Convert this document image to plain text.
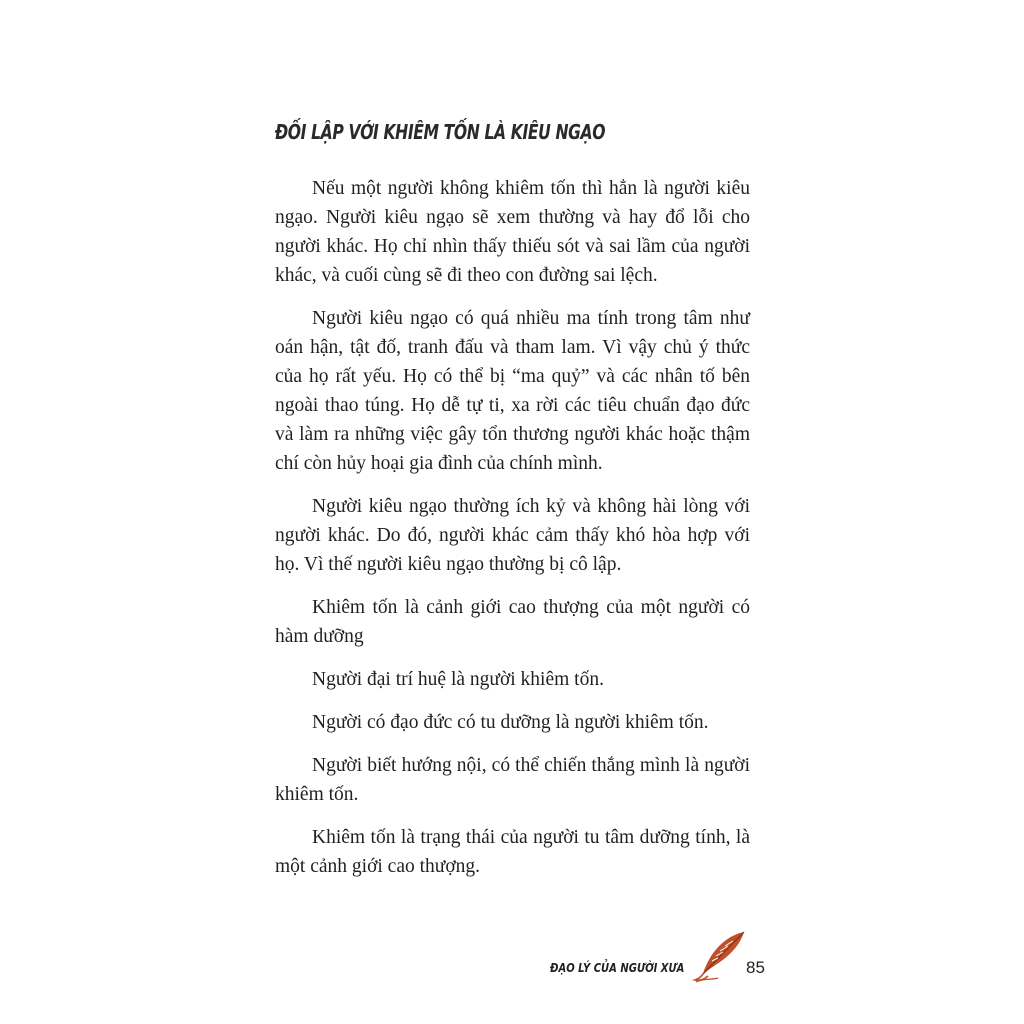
ĐỐI LẬP VỚI KHIÊM TỐN LÀ KIÊU NGẠO

Nếu một người không khiêm tốn thì hẳn là người kiêu ngạo. Người kiêu ngạo sẽ xem thường và hay đổ lỗi cho người khác. Họ chỉ nhìn thấy thiếu sót và sai lầm của người khác, và cuối cùng sẽ đi theo con đường sai lệch.

Người kiêu ngạo có quá nhiều ma tính trong tâm như oán hận, tật đố, tranh đấu và tham lam. Vì vậy chủ ý thức của họ rất yếu. Họ có thể bị “ma quỷ” và các nhân tố bên ngoài thao túng. Họ dễ tự ti, xa rời các tiêu chuẩn đạo đức và làm ra những việc gây tổn thương người khác hoặc thậm chí còn hủy hoại gia đình của chính mình.

Người kiêu ngạo thường ích kỷ và không hài lòng với người khác. Do đó, người khác cảm thấy khó hòa hợp với họ. Vì thế người kiêu ngạo thường bị cô lập.

Khiêm tốn là cảnh giới cao thượng của một người có hàm dưỡng

Người đại trí huệ là người khiêm tốn.

Người có đạo đức có tu dưỡng là người khiêm tốn.

Người biết hướng nội, có thể chiến thắng mình là người khiêm tốn.

Khiêm tốn là trạng thái của người tu tâm dưỡng tính, là một cảnh giới cao thượng.

ĐẠO LÝ CỦA NGƯỜI XƯA	85
